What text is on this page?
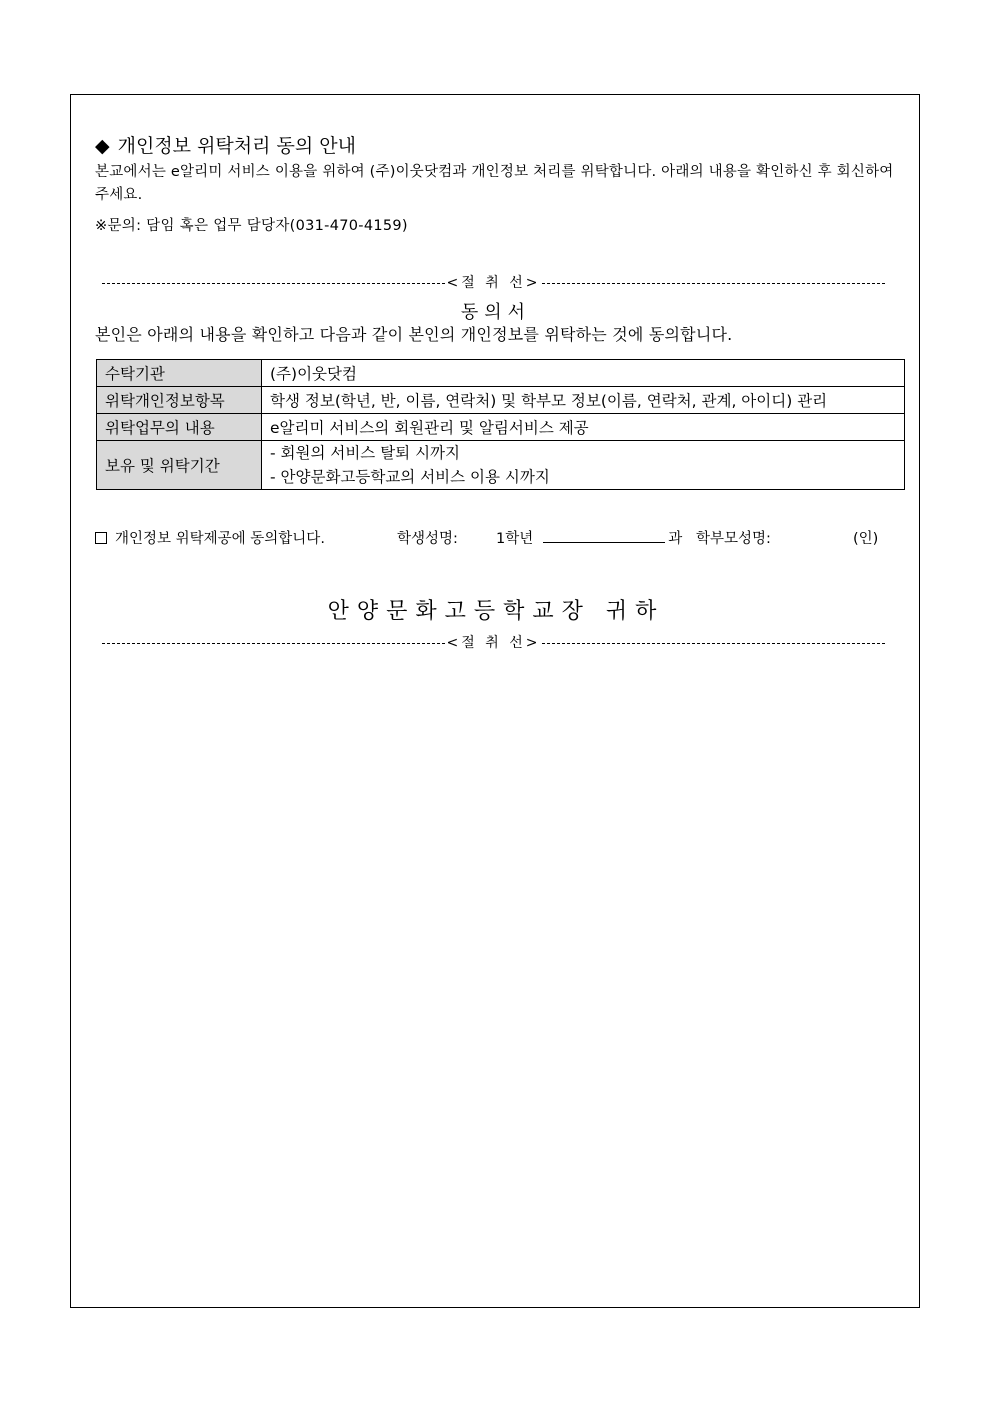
◆ 개인정보 위탁처리 동의 안내
본교에서는 e알리미 서비스 이용을 위하여 (주)이웃닷컴과 개인정보 처리를 위탁합니다. 아래의 내용을 확인하신 후 회신하여 주세요.
※문의: 담임 혹은 업무 담당자(031-470-4159)
<절 취 선>
동의서
본인은 아래의 내용을 확인하고 다음과 같이 본인의 개인정보를 위탁하는 것에 동의합니다.
수탁기관	(주)이웃닷컴
위탁개인정보항목	학생 정보(학년, 반, 이름, 연락처) 및 학부모 정보(이름, 연락처, 관계, 아이디) 관리
위탁업무의 내용	e알리미 서비스의 회원관리 및 알림서비스 제공
보유 및 위탁기간	- 회원의 서비스 탈퇴 시까지
- 안양문화고등학교의 서비스 이용 시까지
개인정보 위탁제공에 동의합니다.	학생성명:	1학년	과 학부모성명:	(인)
안양문화고등학교장 귀하
<절 취 선>
